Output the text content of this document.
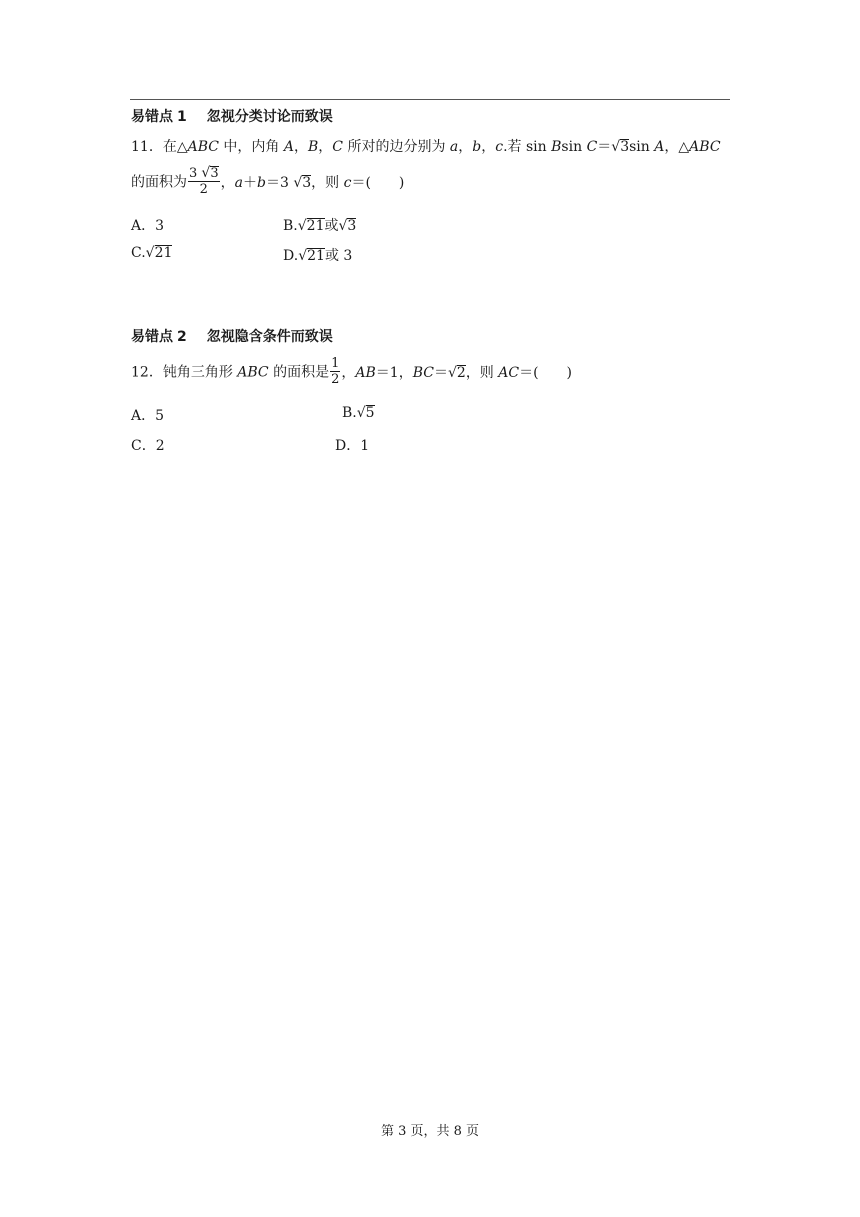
易错点 1 忽视分类讨论而致误
11．在△ABC 中，内角 A，B，C 所对的边分别为 a，b，c.若 sin Bsin C＝√3sin A，△ABC
的面积为 $\frac{3 √3}{2}$ ，a＋b＝3 √3，则 c＝(　　)
A．3	B.√21或√3
C.√21	D.√21或 3
易错点 2 忽视隐含条件而致误
12．钝角三角形 ABC 的面积是 $\frac{1}{2}$ ，AB＝1，BC＝√2，则 AC＝(　　)
A．5	B.√5
C．2	D．1
第 3 页，共 8 页
